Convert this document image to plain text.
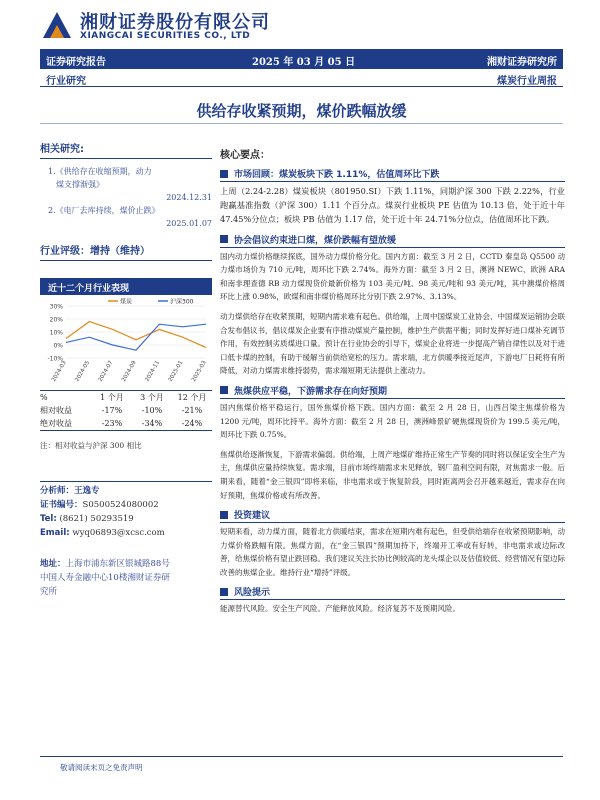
湘财证券股份有限公司
XIANGCAI SECURITIES CO., LTD
证券研究报告	2025 年 03 月 05 日	湘财证券研究所
行业研究	煤炭行业周报
供给存收紧预期，煤价跌幅放缓
相关研究:
1.《供给存在收缩预期，动力
煤支撑渐强》
2024.12.31
2.《电厂去库持续，煤价止跌》
2025.01.07
行业评级：增持（维持）
近十二个月行业表现
-10%
0%
10%
20%
30%
2024-03 2024-05 2024-07 2024-09 2024-11 2025-01 2025-03
煤炭	沪深300
%	1 个月	3 个月	12 个月
相对收益	-17%	-10%	-21%
绝对收益	-23%	-34%	-24%
注：相对收益与沪深 300 相比
分析师：王逸专
证书编号：S0500524080002
Tel: (8621) 50293519
Email: wyq06893@xcsc.com
地址： 上海市浦东新区银城路88号
中国人寿金融中心10楼湘财证券研
究所
核心要点：
市场回顾：煤炭板块下跌 1.11%，估值周环比下跌
上周（2.24-2.28）煤炭板块（801950.SI）下跌 1.11%，同期沪深 300 下跌 2.22%，行业跑赢基准指数（沪深 300）1.11 个百分点。煤炭行业板块 PE 估值为 10.13 倍，处于近十年 47.45%分位点；板块 PB 估值为 1.17 倍，处于近十年 24.71%分位点，估值周环比下跌。
协会倡议约束进口煤，煤价跌幅有望放缓
国内动力煤价格继续探底，国外动力煤价格分化。国内方面：截至 3 月 2 日，CCTD 秦皇岛 Q5500 动力煤市场价为 710 元/吨，周环比下跌 2.74%。海外方面：截至 3 月 2 日，澳洲 NEWC、欧洲 ARA 和南非理查德 RB 动力煤现货价最新价格为 103 美元/吨、98 美元/吨和 93 美元/吨，其中澳煤价格周环比上涨 0.98%，欧煤和南非煤价格周环比分别下跌 2.97%、3.13%。
动力煤供给存在收紧预期，短期内需求难有起色。供给端，上周中国煤炭工业协会、中国煤炭运销协会联合发布倡议书，倡议煤炭企业要有序推动煤炭产量控制，维护生产供需平衡；同时发挥好进口煤补充调节作用，有效控制劣质煤进口量。预计在行业协会的引导下，煤炭企业将进一步提高产销自律性以及对于进口低卡煤的控制，有助于缓解当前供给宽松的压力。需求端，北方供暖季接近尾声，下游电厂日耗将有所降低，对动力煤需求维持弱势，需求端短期无法提供上涨动力。
焦煤供应平稳，下游需求存在向好预期
国内焦煤价格平稳运行，国外焦煤价格下跌。国内方面：截至 2 月 28 日，山西吕梁主焦煤价格为 1200 元/吨，周环比持平。海外方面：截至 2 月 28 日，澳洲峰景矿硬焦煤现货价为 199.5 美元/吨，周环比下跌 0.75%。
焦煤供给逐渐恢复，下游需求偏弱。供给端，上周产地煤矿维持正常生产节奏的同时将以保证安全生产为主，焦煤供应量持续恢复。需求端，目前市场终端需求未见释放，钢厂盈利空间有限，对焦需求一般。后期来看，随着“金三银四”即将来临，非电需求或于恢复阶段，同时距离两会召开越来越近，需求存在向好预期，焦煤价格或有所改善。
投资建议
短期来看，动力煤方面，随着北方供暖结束，需求在短期内难有起色，但受供给端存在收紧预期影响，动力煤价格跌幅有限。焦煤方面，在“金三银四”预期加持下，终端开工率或有好转，非电需求或边际改善，给焦煤价格有望止跌回稳。我们建议关注长协比例较高的龙头煤企以及估值较低、经营情况有望边际改善的焦煤企业。维持行业“增持”评级。
风险提示
能源替代风险。安全生产风险。产能释放风险。经济复苏不及预期风险。
敬请阅读末页之免责声明
